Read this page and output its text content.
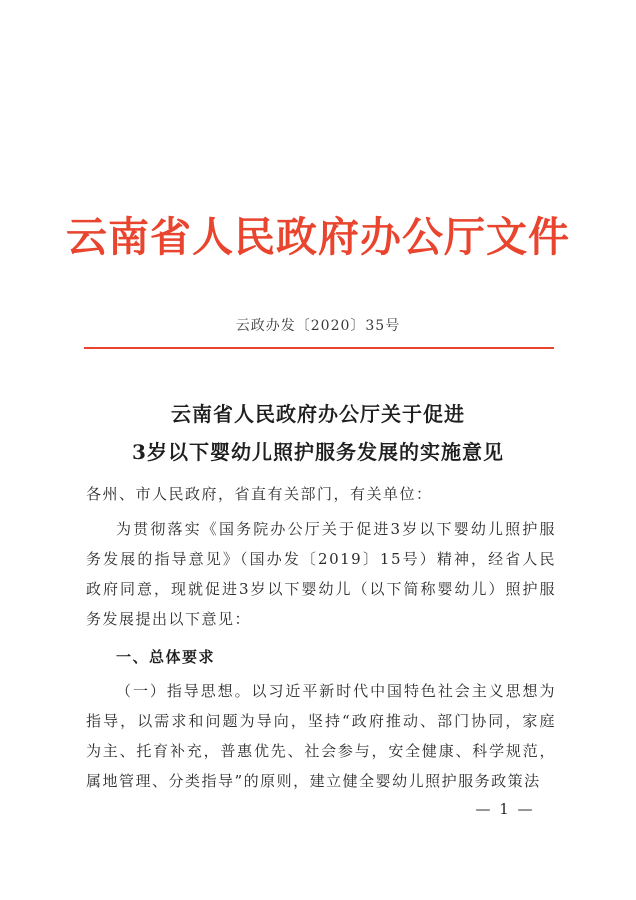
云南省人民政府办公厅文件
云政办发〔2020〕35号
云南省人民政府办公厅关于促进
3岁以下婴幼儿照护服务发展的实施意见
各州、市人民政府，省直有关部门，有关单位：
为贯彻落实《国务院办公厅关于促进3岁以下婴幼儿照护服务发展的指导意见》（国办发〔2019〕15号）精神，经省人民政府同意，现就促进3岁以下婴幼儿（以下简称婴幼儿）照护服务发展提出以下意见：
一、总体要求
（一）指导思想。以习近平新时代中国特色社会主义思想为指导，以需求和问题为导向，坚持“政府推动、部门协同，家庭为主、托育补充，普惠优先、社会参与，安全健康、科学规范，属地管理、分类指导”的原则，建立健全婴幼儿照护服务政策法
— 1 —
